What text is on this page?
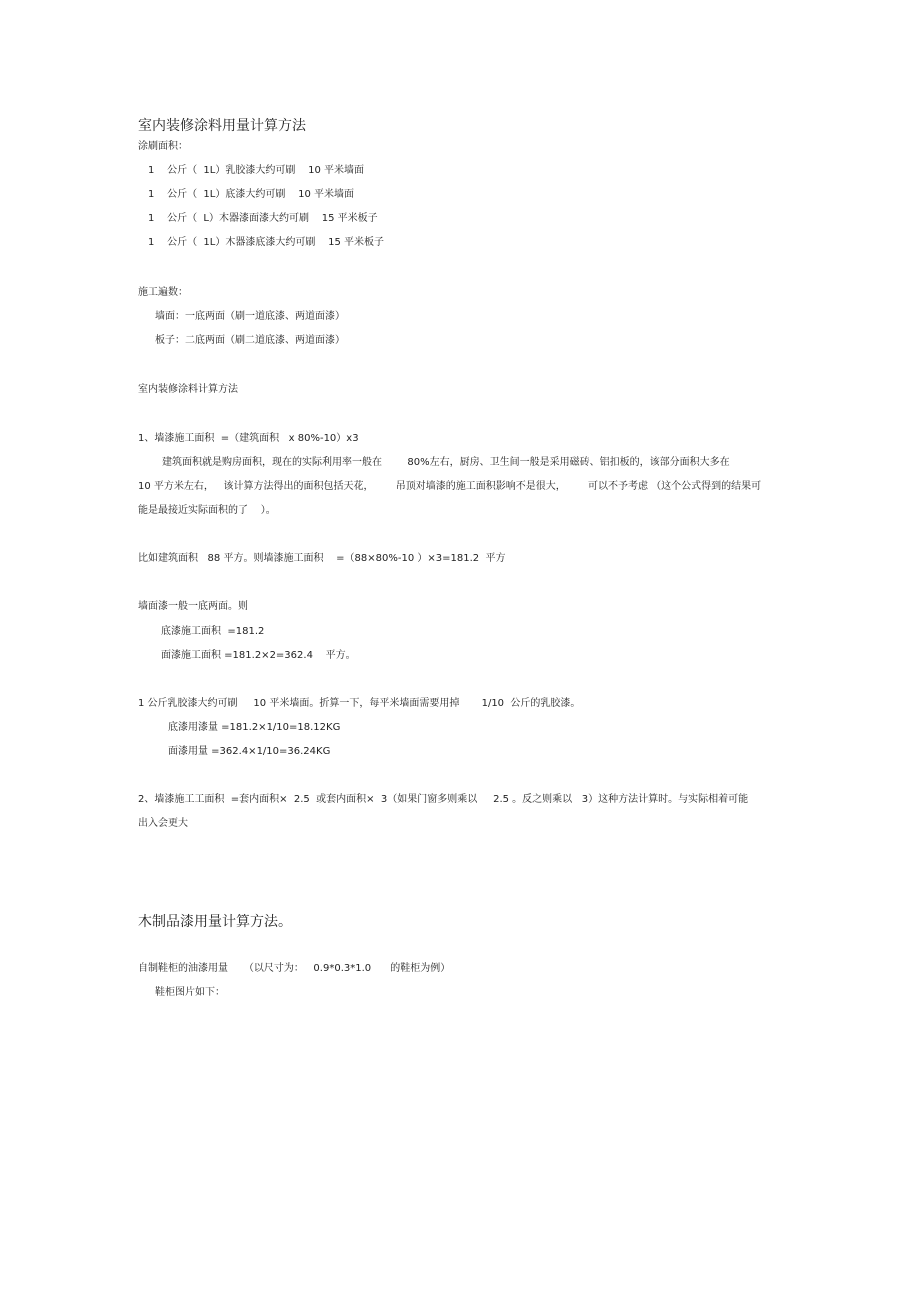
室内装修涂料用量计算方法

涂刷面积：

1    公斤（  1L）乳胶漆大约可刷    10 平米墙面

1    公斤（  1L）底漆大约可刷    10 平米墙面

1    公斤（  L）木器漆面漆大约可刷    15 平米板子

1    公斤（  1L）木器漆底漆大约可刷    15 平米板子

施工遍数：

墙面：一底两面（刷一道底漆、两道面漆）

板子：二底两面（刷二道底漆、两道面漆）

室内装修涂料计算方法

1、墙漆施工面积  =（建筑面积   x 80%-10）x3

建筑面积就是购房面积，现在的实际利用率一般在        80%左右，厨房、卫生间一般是采用磁砖、铝扣板的，该部分面积大多在

10 平方米左右，   该计算方法得出的面积包括天花，       吊顶对墙漆的施工面积影响不是很大，       可以不予考虑 （这个公式得到的结果可

能是最接近实际面积的了    ）。

比如建筑面积   88 平方。则墙漆施工面积    =（88×80%-10 ）×3=181.2  平方

墙面漆一般一底两面。则

底漆施工面积  =181.2

面漆施工面积 =181.2×2=362.4    平方。

1 公斤乳胶漆大约可刷     10 平米墙面。折算一下，每平米墙面需要用掉       1/10  公斤的乳胶漆。

底漆用漆量 =181.2×1/10=18.12KG

面漆用量 =362.4×1/10=36.24KG

2、墙漆施工工面积  =套内面积×  2.5  或套内面积×  3（如果门窗多则乘以     2.5 。反之则乘以   3）这种方法计算时。与实际相着可能

出入会更大

木制品漆用量计算方法。

自制鞋柜的油漆用量     （以尺寸为：   0.9*0.3*1.0      的鞋柜为例）

鞋柜图片如下：
